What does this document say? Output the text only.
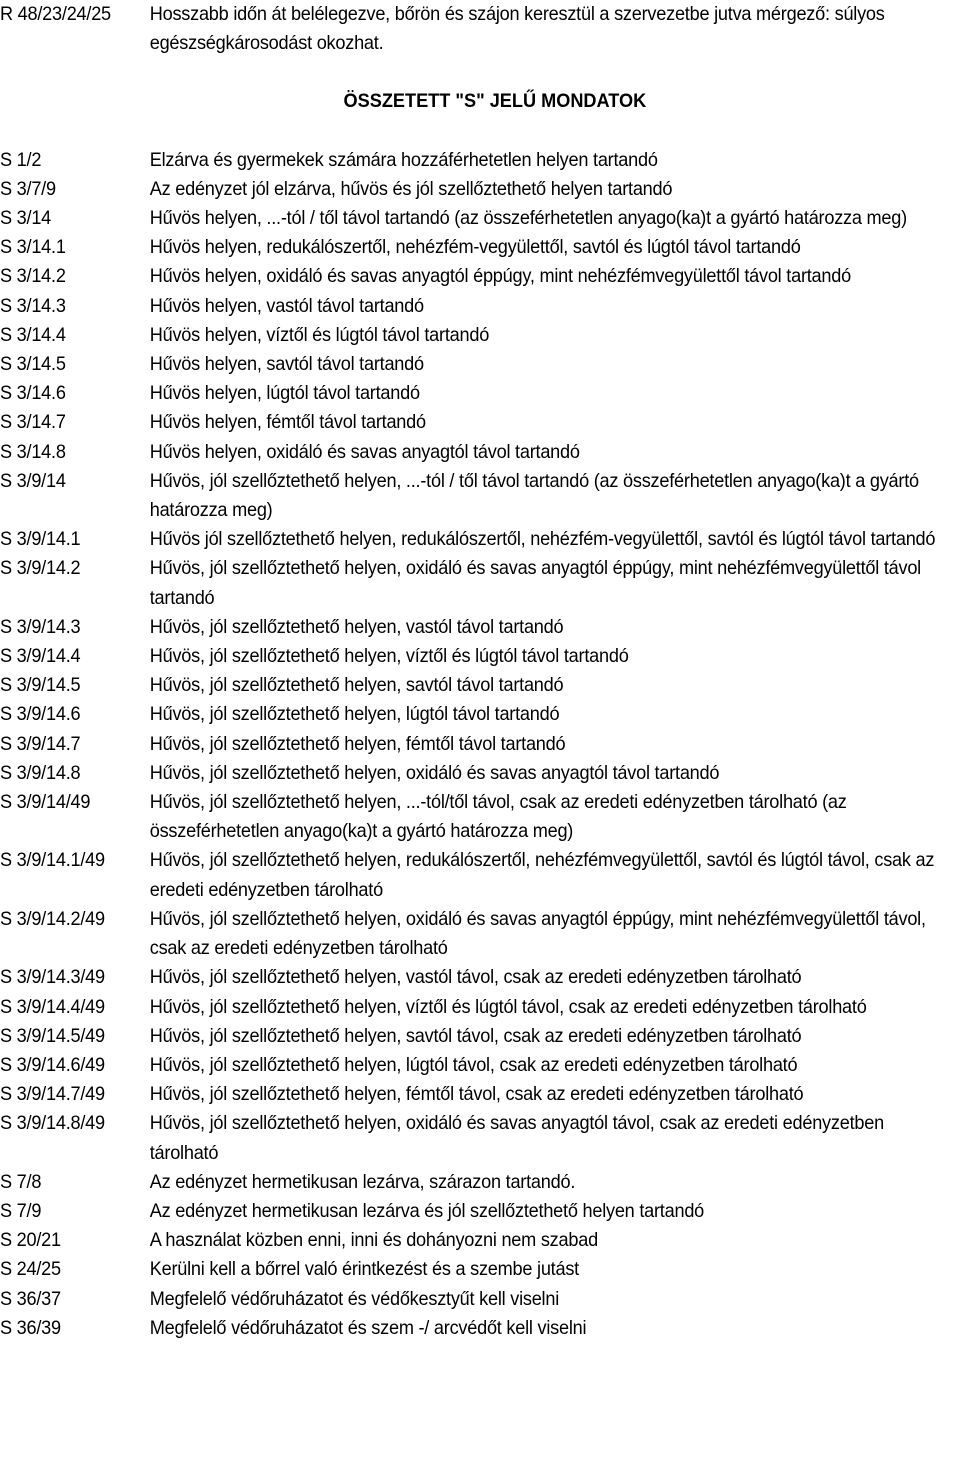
R 48/23/24/25	Hosszabb időn át belélegezve, bőrön és szájon keresztül a szervezetbe jutva mérgező: súlyos egészségkárosodást okozhat.
ÖSSZETETT "S" JELŰ MONDATOK
S 1/2	Elzárva és gyermekek számára hozzáférhetetlen helyen tartandó
S 3/7/9	Az edényzet jól elzárva, hűvös és jól szellőztethető helyen tartandó
S 3/14	Hűvös helyen, ...-tól / től távol tartandó (az összeférhetetlen anyago(ka)t a gyártó határozza meg)
S 3/14.1	Hűvös helyen, redukálószertől, nehézfém-vegyülettől, savtól és lúgtól távol tartandó
S 3/14.2	Hűvös helyen, oxidáló és savas anyagtól éppúgy, mint nehézfémvegyülettől távol tartandó
S 3/14.3	Hűvös helyen, vastól távol tartandó
S 3/14.4	Hűvös helyen, víztől és lúgtól távol tartandó
S 3/14.5	Hűvös helyen, savtól távol tartandó
S 3/14.6	Hűvös helyen, lúgtól távol tartandó
S 3/14.7	Hűvös helyen, fémtől távol tartandó
S 3/14.8	Hűvös helyen, oxidáló és savas anyagtól távol tartandó
S 3/9/14	Hűvös, jól szellőztethető helyen, ...-tól / től távol tartandó (az összeférhetetlen anyago(ka)t a gyártó határozza meg)
S 3/9/14.1	Hűvös jól szellőztethető helyen, redukálószertől, nehézfém-vegyülettől, savtól és lúgtól távol tartandó
S 3/9/14.2	Hűvös, jól szellőztethető helyen, oxidáló és savas anyagtól éppúgy, mint nehézfémvegyülettől távol tartandó
S 3/9/14.3	Hűvös, jól szellőztethető helyen, vastól távol tartandó
S 3/9/14.4	Hűvös, jól szellőztethető helyen, víztől és lúgtól távol tartandó
S 3/9/14.5	Hűvös, jól szellőztethető helyen, savtól távol tartandó
S 3/9/14.6	Hűvös, jól szellőztethető helyen, lúgtól távol tartandó
S 3/9/14.7	Hűvös, jól szellőztethető helyen, fémtől távol tartandó
S 3/9/14.8	Hűvös, jól szellőztethető helyen, oxidáló és savas anyagtól távol tartandó
S 3/9/14/49	Hűvös, jól szellőztethető helyen, ...-tól/től távol, csak az eredeti edényzetben tárolható (az összeférhetetlen anyago(ka)t a gyártó határozza meg)
S 3/9/14.1/49	Hűvös, jól szellőztethető helyen, redukálószertől, nehézfémvegyülettől, savtól és lúgtól távol, csak az eredeti edényzetben tárolható
S 3/9/14.2/49	Hűvös, jól szellőztethető helyen, oxidáló és savas anyagtól éppúgy, mint nehézfémvegyülettől távol, csak az eredeti edényzetben tárolható
S 3/9/14.3/49	Hűvös, jól szellőztethető helyen, vastól távol, csak az eredeti edényzetben tárolható
S 3/9/14.4/49	Hűvös, jól szellőztethető helyen, víztől és lúgtól távol, csak az eredeti edényzetben tárolható
S 3/9/14.5/49	Hűvös, jól szellőztethető helyen, savtól távol, csak az eredeti edényzetben tárolható
S 3/9/14.6/49	Hűvös, jól szellőztethető helyen, lúgtól távol, csak az eredeti edényzetben tárolható
S 3/9/14.7/49	Hűvös, jól szellőztethető helyen, fémtől távol, csak az eredeti edényzetben tárolható
S 3/9/14.8/49	Hűvös, jól szellőztethető helyen, oxidáló és savas anyagtól távol, csak az eredeti edényzetben tárolható
S 7/8	Az edényzet hermetikusan lezárva, szárazon tartandó.
S 7/9	Az edényzet hermetikusan lezárva és jól szellőztethető helyen tartandó
S 20/21	A használat közben enni, inni és dohányozni nem szabad
S 24/25	Kerülni kell a bőrrel való érintkezést és a szembe jutást
S 36/37	Megfelelő védőruházatot és védőkesztyűt kell viselni
S 36/39	Megfelelő védőruházatot és szem -/ arcvédőt kell viselni
